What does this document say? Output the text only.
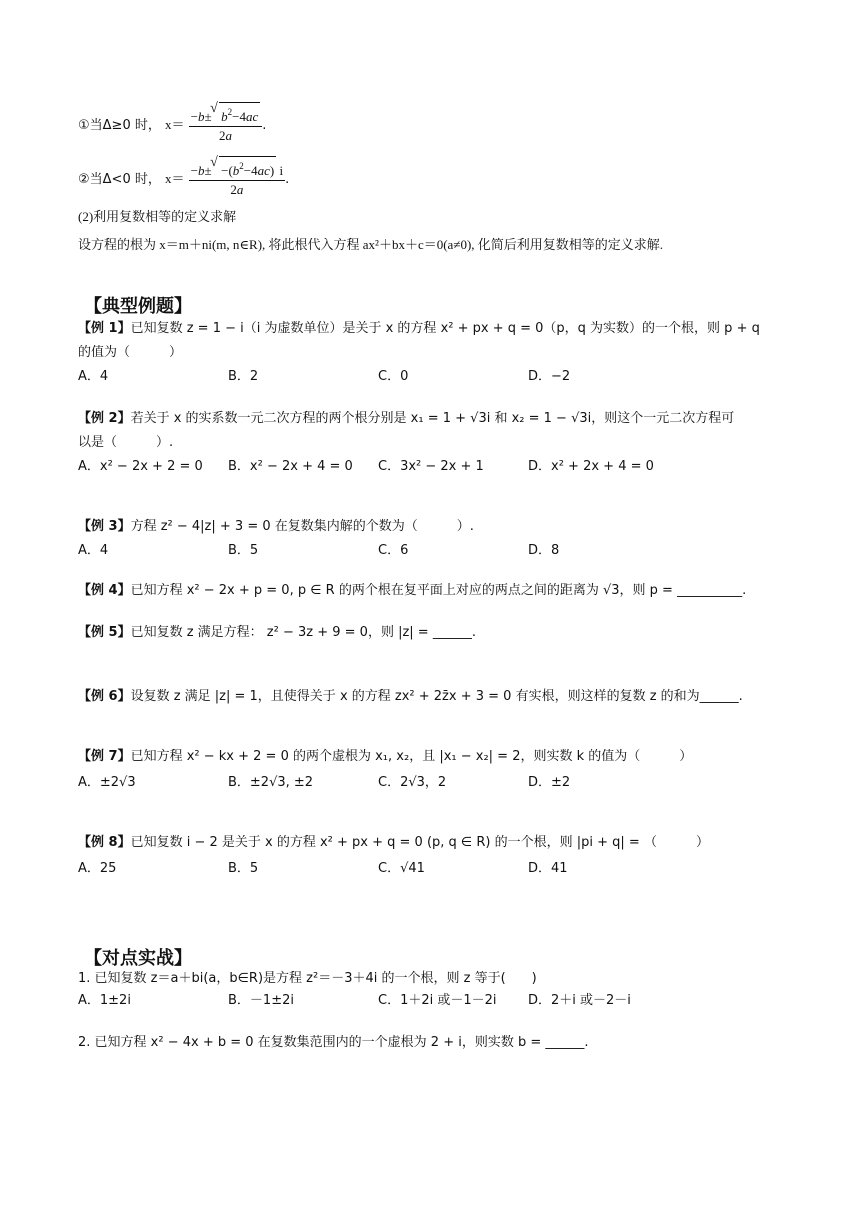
①当Δ≥0 时， $x= \frac{-b\pm √ b^2-4ac}{2a}$ .
②当Δ<0 时， $x= \frac{-b\pm √ -(b^2-4ac) i}{2a}$ .
(2)利用复数相等的定义求解
设方程的根为 x＝m＋ni(m, n∈R), 将此根代入方程 ax²＋bx＋c＝0(a≠0), 化简后利用复数相等的定义求解.
【典型例题】
【例 1】已知复数 z = 1 − i（i 为虚数单位）是关于 x 的方程 x² + px + q = 0（p，q 为实数）的一个根，则 p + q
的值为（　　　）
A．4	B．2	C．0	D．−2
【例 2】若关于 x 的实系数一元二次方程的两个根分别是 x₁ = 1 + √3i 和 x₂ = 1 − √3i，则这个一元二次方程可
以是（　　　）.
A．x² − 2x + 2 = 0 B．x² − 2x + 4 = 0 C．3x² − 2x + 1	D．x² + 2x + 4 = 0
【例 3】方程 z² − 4|z| + 3 = 0 在复数集内解的个数为（　　　）.
A．4	B．5	C．6	D．8
【例 4】已知方程 x² − 2x + p = 0, p ∈ R 的两个根在复平面上对应的两点之间的距离为 √3，则 p = __________.
【例 5】已知复数 z 满足方程： z² − 3z + 9 = 0，则 |z| = ______.
【例 6】设复数 z 满足 |z| = 1，且使得关于 x 的方程 zx² + 2z̄x + 3 = 0 有实根，则这样的复数 z 的和为______.
【例 7】已知方程 x² − kx + 2 = 0 的两个虚根为 x₁, x₂，且 |x₁ − x₂| = 2，则实数 k 的值为（　　　）
A．±2√3	B．±2√3, ±2	C．2√3，2	D．±2
【例 8】已知复数 i − 2 是关于 x 的方程 x² + px + q = 0 (p, q ∈ R) 的一个根，则 |pi + q| = （　　　）
A．25	B．5	C．√41	D．41
【对点实战】
1. 已知复数 z＝a＋bi(a，b∈R)是方程 z²＝－3＋4i 的一个根，则 z 等于(　　)
A．1±2i	B．－1±2i	C．1＋2i 或－1－2i D．2＋i 或－2－i
2. 已知方程 x² − 4x + b = 0 在复数集范围内的一个虚根为 2 + i，则实数 b = ______.
